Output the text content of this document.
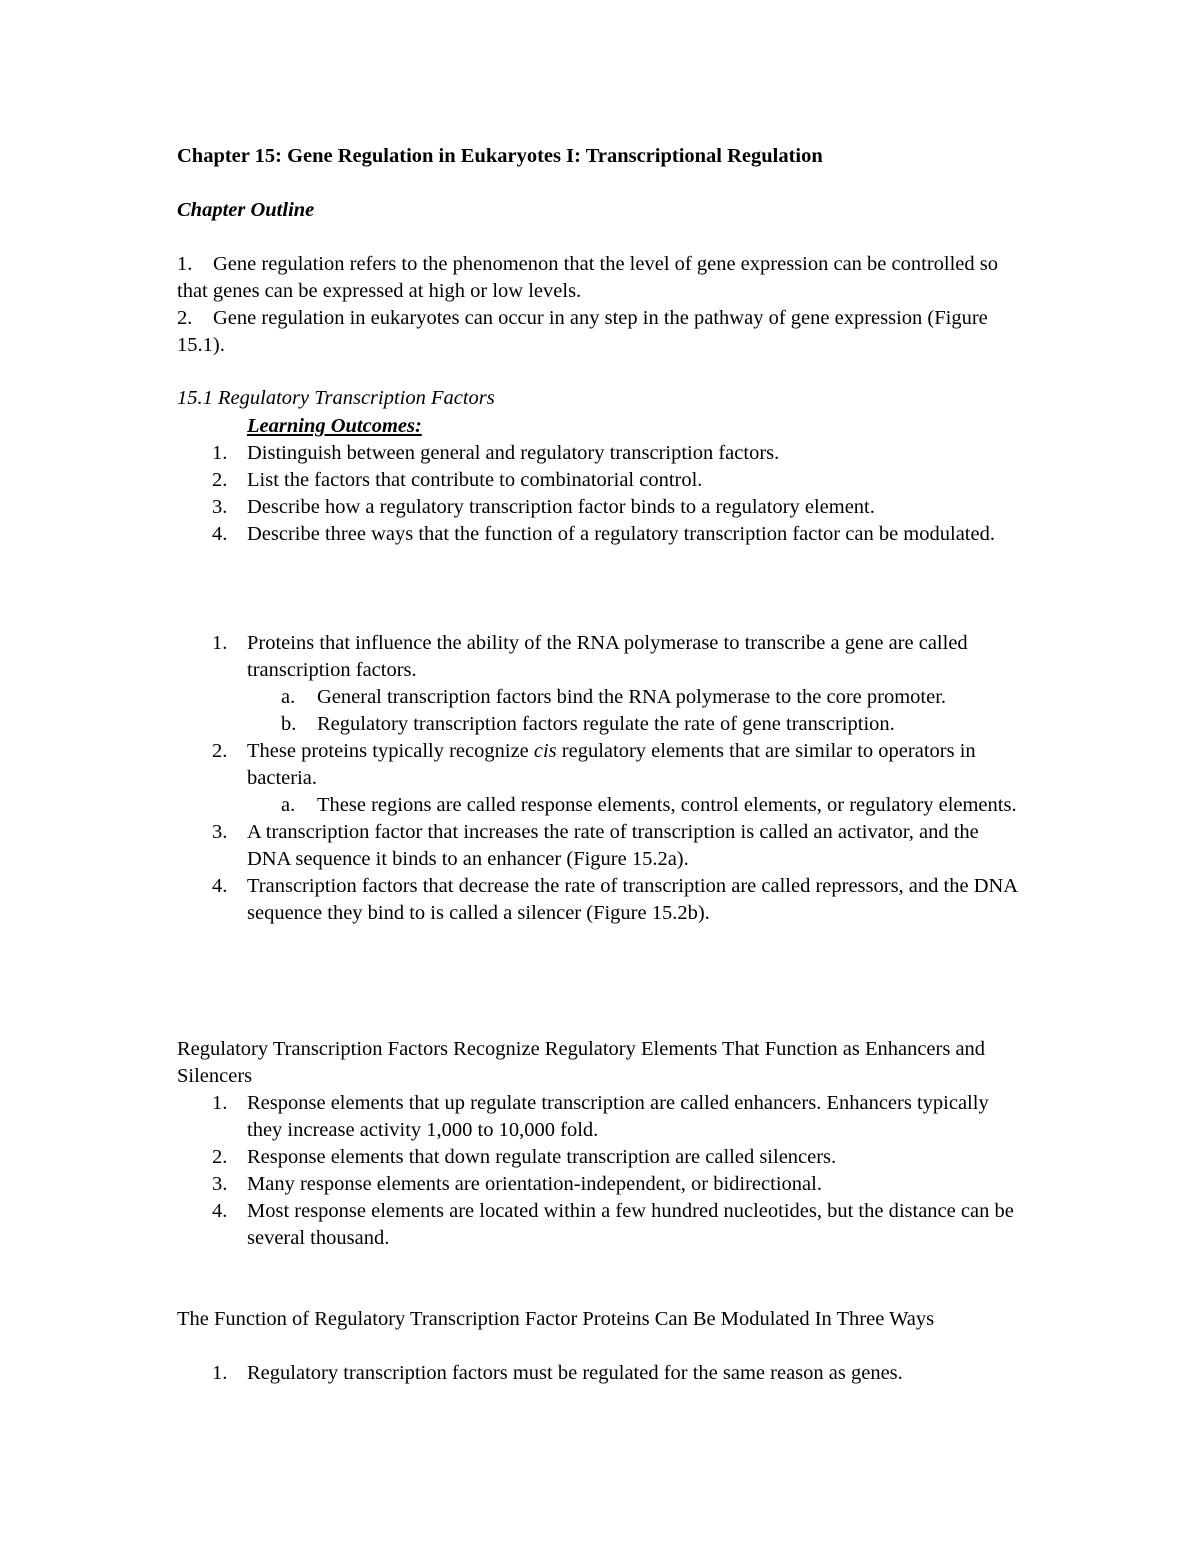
Chapter 15: Gene Regulation in Eukaryotes I: Transcriptional Regulation
Chapter Outline
1. Gene regulation refers to the phenomenon that the level of gene expression can be controlled so that genes can be expressed at high or low levels.
2. Gene regulation in eukaryotes can occur in any step in the pathway of gene expression (Figure 15.1).
15.1 Regulatory Transcription Factors
Learning Outcomes:
1. Distinguish between general and regulatory transcription factors.
2. List the factors that contribute to combinatorial control.
3. Describe how a regulatory transcription factor binds to a regulatory element.
4. Describe three ways that the function of a regulatory transcription factor can be modulated.
1. Proteins that influence the ability of the RNA polymerase to transcribe a gene are called transcription factors.
a. General transcription factors bind the RNA polymerase to the core promoter.
b. Regulatory transcription factors regulate the rate of gene transcription.
2. These proteins typically recognize cis regulatory elements that are similar to operators in bacteria.
a. These regions are called response elements, control elements, or regulatory elements.
3. A transcription factor that increases the rate of transcription is called an activator, and the DNA sequence it binds to an enhancer (Figure 15.2a).
4. Transcription factors that decrease the rate of transcription are called repressors, and the DNA sequence they bind to is called a silencer (Figure 15.2b).
Regulatory Transcription Factors Recognize Regulatory Elements That Function as Enhancers and Silencers
1. Response elements that up regulate transcription are called enhancers. Enhancers typically they increase activity 1,000 to 10,000 fold.
2. Response elements that down regulate transcription are called silencers.
3. Many response elements are orientation-independent, or bidirectional.
4. Most response elements are located within a few hundred nucleotides, but the distance can be several thousand.
The Function of Regulatory Transcription Factor Proteins Can Be Modulated In Three Ways
1. Regulatory transcription factors must be regulated for the same reason as genes.
